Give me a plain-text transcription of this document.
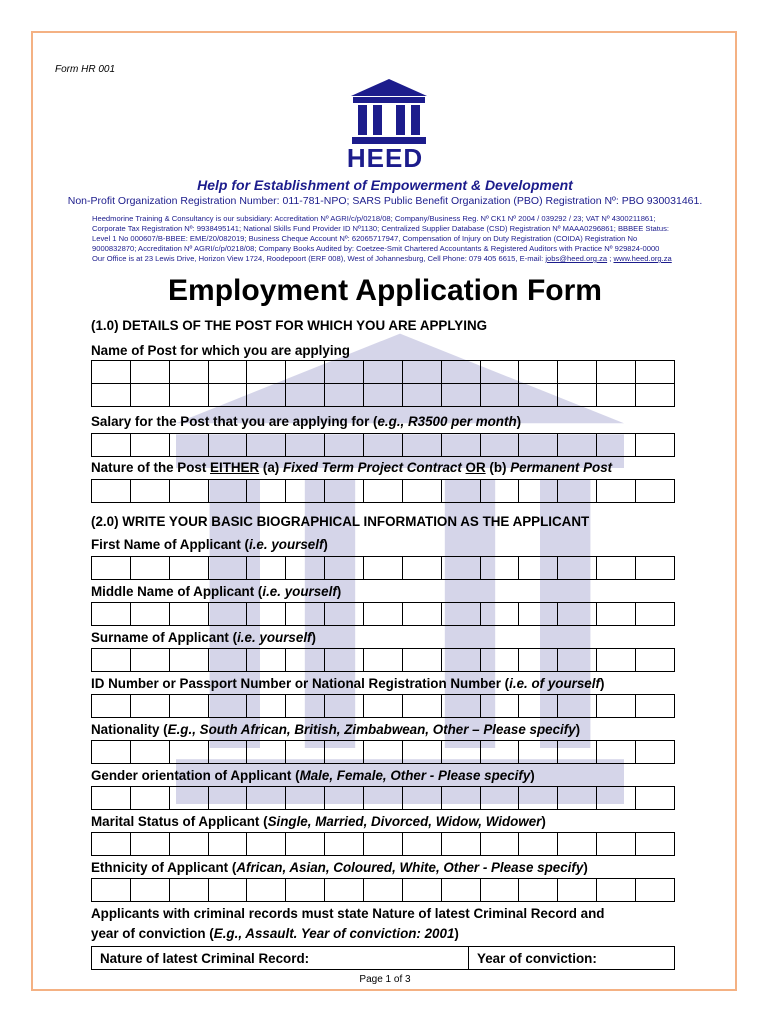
Form HR 001
HEED
Help for Establishment of Empowerment & Development
Non-Profit Organization Registration Number: 011-781-NPO; SARS Public Benefit Organization (PBO) Registration Nº: PBO 930031461.
Heedmorine Training & Consultancy is our subsidiary: Accreditation Nº AGRI/c/p/0218/08; Company/Business Reg. Nº CK1 Nº 2004 / 039292 / 23; VAT Nº 4300211861;
Corporate Tax Registration Nº: 9938495141; National Skills Fund Provider ID Nº1130; Centralized Supplier Database (CSD) Registration Nº MAAA0296861; BBBEE Status:
Level 1 No 000607/B-BBEE: EME/20/082019; Business Cheque Account Nº: 62065717947, Compensation of Injury on Duty Registration (COIDA) Registration No
9000832870; Accreditation Nº AGRI/c/p/0218/08; Company Books Audited by: Coetzee-Smit Chartered Accountants & Registered Auditors with Practice Nº 929824-0000
Our Office is at 23 Lewis Drive, Horizon View 1724, Roodepoort (ERF 008), West of Johannesburg, Cell Phone: 079 405 6615, E-mail: jobs@heed.org.za ; www.heed.org.za
Employment Application Form
(1.0) DETAILS OF THE POST FOR WHICH YOU ARE APPLYING
Name of Post for which you are applying

Salary for the Post that you are applying for (e.g., R3500 per month)

Nature of the Post EITHER (a) Fixed Term Project Contract OR (b) Permanent Post

(2.0) WRITE YOUR BASIC BIOGRAPHICAL INFORMATION AS THE APPLICANT
First Name of Applicant (i.e. yourself)

Middle Name of Applicant (i.e. yourself)

Surname of Applicant (i.e. yourself)

ID Number or Passport Number or National Registration Number (i.e. of yourself)

Nationality (E.g., South African, British, Zimbabwean, Other – Please specify)

Gender orientation of Applicant (Male, Female, Other - Please specify)

Marital Status of Applicant (Single, Married, Divorced, Widow, Widower)

Ethnicity of Applicant (African, Asian, Coloured, White, Other - Please specify)

Applicants with criminal records must state Nature of latest Criminal Record and
year of conviction (E.g., Assault. Year of conviction: 2001)
Nature of latest Criminal Record:	Year of conviction:
Page 1 of 3
